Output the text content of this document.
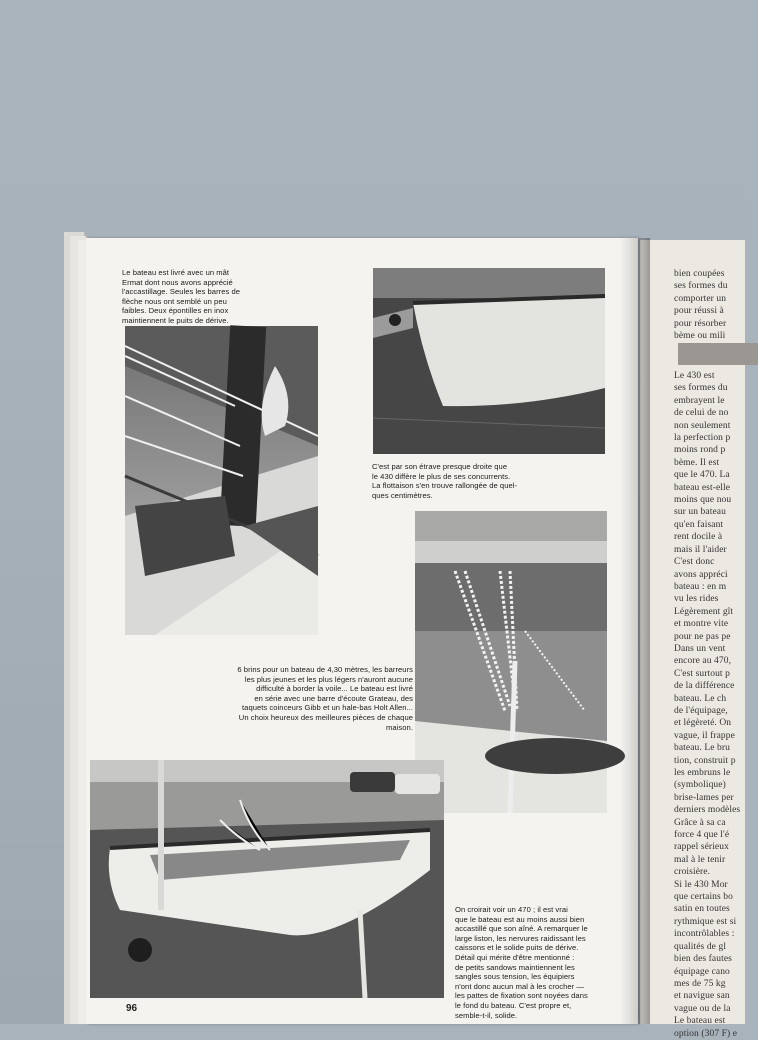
bien coupées
ses formes du
comporter un
pour réussi à
pour résorber
bème ou mili
Le 430 est
ses formes du
embrayent le
de celui de no
non seulement
la perfection p
moins rond p
bème. Il est
que le 470. La
bateau est-elle
moins que nou
sur un bateau
qu'en faisant
rent docile à
mais il l'aider
C'est donc
avons appréci
bateau : en m
vu les rides
Légèrement gît
et montre vite
pour ne pas pe
Dans un vent
encore au 470,
C'est surtout p
de la différence
bateau. Le ch
de l'équipage,
et légèreté. On
vague, il frappe
bateau. Le bru
tion, construit p
les embruns le
(symbolique)
brise-lames per
derniers modèles
Grâce à sa ca
force 4 que l'é
rappel sérieux
mal à le tenir
croisière.
Si le 430 Mor
que certains bo
satin en toutes
rythmique est si
incontrôlables :
qualités de gl
bien des fautes
équipage cano
mes de 75 kg
et navigue san
vague ou de la
Le bateau est
option (307 F) e
Le bateau est livré avec un mât
Ermat dont nous avons apprécié
l'accastillage. Seules les barres de
flèche nous ont semblé un peu
faibles. Deux épontilles en inox
maintiennent le puits de dérive.
C'est par son étrave presque droite que
le 430 diffère le plus de ses concurrents.
La flottaison s'en trouve rallongée de quel-
ques centimètres.
6 brins pour un bateau de 4,30 mètres, les barreurs
les plus jeunes et les plus légers n'auront aucune
difficulté à border la voile... Le bateau est livré
en série avec une barre d'écoute Grateau, des
taquets coinceurs Gibb et un hale-bas Holt Allen...
Un choix heureux des meilleures pièces de chaque
maison.
On croirait voir un 470 ; il est vrai
que le bateau est au moins aussi bien
accastillé que son aîné. A remarquer le
large liston, les nervures raidissant les
caissons et le solide puits de dérive.
Détail qui mérite d'être mentionné :
de petits sandows maintiennent les
sangles sous tension, les équipiers
n'ont donc aucun mal à les crocher —
les pattes de fixation sont noyées dans
le fond du bateau. C'est propre et,
semble-t-il, solide.
96
